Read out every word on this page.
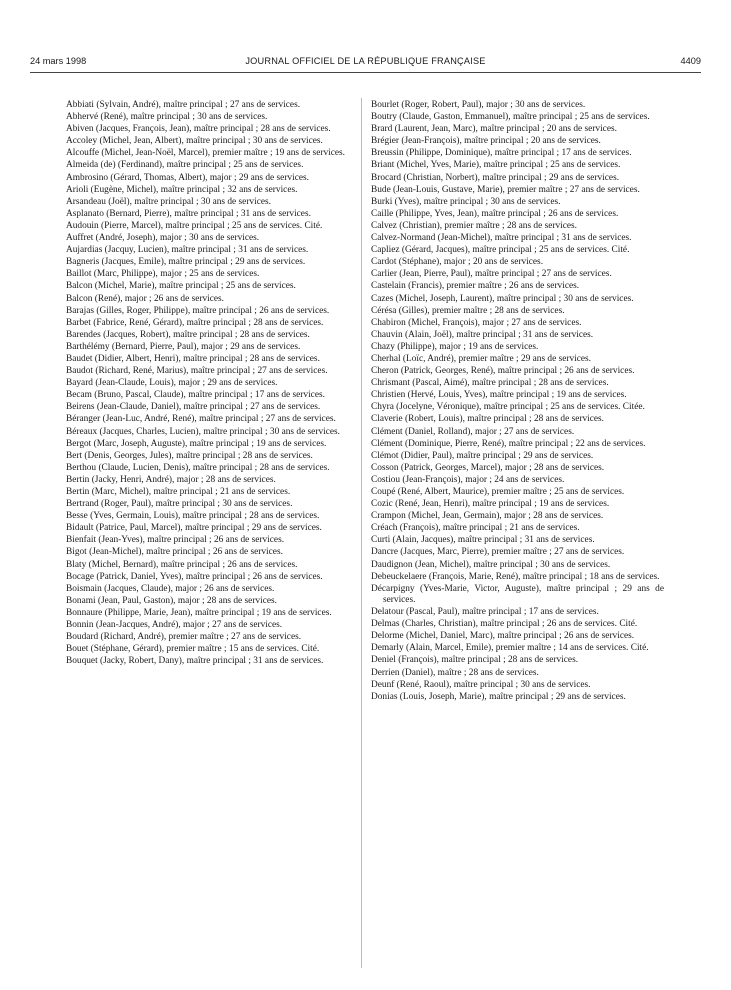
24 mars 1998	JOURNAL OFFICIEL DE LA RÉPUBLIQUE FRANÇAISE	4409

Abbiati (Sylvain, André), maître principal ; 27 ans de services.

Abhervé (René), maître principal ; 30 ans de services.

Abiven (Jacques, François, Jean), maître principal ; 28 ans de services.

Accoley (Michel, Jean, Albert), maître principal ; 30 ans de services.

Alcouffe (Michel, Jean-Noël, Marcel), premier maître ; 19 ans de services.

Almeida (de) (Ferdinand), maître principal ; 25 ans de services.

Ambrosino (Gérard, Thomas, Albert), major ; 29 ans de services.

Arioli (Eugène, Michel), maître principal ; 32 ans de services.

Arsandeau (Joël), maître principal ; 30 ans de services.

Asplanato (Bernard, Pierre), maître principal ; 31 ans de services.

Audouin (Pierre, Marcel), maître principal ; 25 ans de services. Cité.

Auffret (André, Joseph), major ; 30 ans de services.

Aujardias (Jacquy, Lucien), maître principal ; 31 ans de services.

Bagneris (Jacques, Emile), maître principal ; 29 ans de services.

Baillot (Marc, Philippe), major ; 25 ans de services.

Balcon (Michel, Marie), maître principal ; 25 ans de services.

Balcon (René), major ; 26 ans de services.

Barajas (Gilles, Roger, Philippe), maître principal ; 26 ans de services.

Barbet (Fabrice, René, Gérard), maître principal ; 28 ans de services.

Barendes (Jacques, Robert), maître principal ; 28 ans de services.

Barthélémy (Bernard, Pierre, Paul), major ; 29 ans de services.

Baudet (Didier, Albert, Henri), maître principal ; 28 ans de services.

Baudot (Richard, René, Marius), maître principal ; 27 ans de services.

Bayard (Jean-Claude, Louis), major ; 29 ans de services.

Becam (Bruno, Pascal, Claude), maître principal ; 17 ans de services.

Beirens (Jean-Claude, Daniel), maître principal ; 27 ans de services.

Béranger (Jean-Luc, André, René), maître principal ; 27 ans de services.

Béreaux (Jacques, Charles, Lucien), maître principal ; 30 ans de services.

Bergot (Marc, Joseph, Auguste), maître principal ; 19 ans de services.

Bert (Denis, Georges, Jules), maître principal ; 28 ans de services.

Berthou (Claude, Lucien, Denis), maître principal ; 28 ans de services.

Bertin (Jacky, Henri, André), major ; 28 ans de services.

Bertin (Marc, Michel), maître principal ; 21 ans de services.

Bertrand (Roger, Paul), maître principal ; 30 ans de services.

Besse (Yves, Germain, Louis), maître principal ; 28 ans de services.

Bidault (Patrice, Paul, Marcel), maître principal ; 29 ans de services.

Bienfait (Jean-Yves), maître principal ; 26 ans de services.

Bigot (Jean-Michel), maître principal ; 26 ans de services.

Blaty (Michel, Bernard), maître principal ; 26 ans de services.

Bocage (Patrick, Daniel, Yves), maître principal ; 26 ans de services.

Boismain (Jacques, Claude), major ; 26 ans de services.

Bonami (Jean, Paul, Gaston), major ; 28 ans de services.

Bonnaure (Philippe, Marie, Jean), maître principal ; 19 ans de services.

Bonnin (Jean-Jacques, André), major ; 27 ans de services.

Boudard (Richard, André), premier maître ; 27 ans de services.

Bouet (Stéphane, Gérard), premier maître ; 15 ans de services. Cité.

Bouquet (Jacky, Robert, Dany), maître principal ; 31 ans de services.

Bourlet (Roger, Robert, Paul), major ; 30 ans de services.

Boutry (Claude, Gaston, Emmanuel), maître principal ; 25 ans de services.

Brard (Laurent, Jean, Marc), maître principal ; 20 ans de services.

Brégier (Jean-François), maître principal ; 20 ans de services.

Breussin (Philippe, Dominique), maître principal ; 17 ans de services.

Briant (Michel, Yves, Marie), maître principal ; 25 ans de services.

Brocard (Christian, Norbert), maître principal ; 29 ans de services.

Bude (Jean-Louis, Gustave, Marie), premier maître ; 27 ans de services.

Burki (Yves), maître principal ; 30 ans de services.

Caille (Philippe, Yves, Jean), maître principal ; 26 ans de services.

Calvez (Christian), premier maître ; 28 ans de services.

Calvez-Normand (Jean-Michel), maître principal ; 31 ans de services.

Capliez (Gérard, Jacques), maître principal ; 25 ans de services. Cité.

Cardot (Stéphane), major ; 20 ans de services.

Carlier (Jean, Pierre, Paul), maître principal ; 27 ans de services.

Castelain (Francis), premier maître ; 26 ans de services.

Cazes (Michel, Joseph, Laurent), maître principal ; 30 ans de services.

Cérésa (Gilles), premier maître ; 28 ans de services.

Chabiron (Michel, François), major ; 27 ans de services.

Chauvin (Alain, Joël), maître principal ; 31 ans de services.

Chazy (Philippe), major ; 19 ans de services.

Cherhal (Loïc, André), premier maître ; 29 ans de services.

Cheron (Patrick, Georges, René), maître principal ; 26 ans de services.

Chrismant (Pascal, Aimé), maître principal ; 28 ans de services.

Christien (Hervé, Louis, Yves), maître principal ; 19 ans de services.

Chyra (Jocelyne, Véronique), maître principal ; 25 ans de services. Citée.

Claverie (Robert, Louis), maître principal ; 28 ans de services.

Clément (Daniel, Rolland), major ; 27 ans de services.

Clément (Dominique, Pierre, René), maître principal ; 22 ans de services.

Clémot (Didier, Paul), maître principal ; 29 ans de services.

Cosson (Patrick, Georges, Marcel), major ; 28 ans de services.

Costiou (Jean-François), major ; 24 ans de services.

Coupé (René, Albert, Maurice), premier maître ; 25 ans de services.

Cozic (René, Jean, Henri), maître principal ; 19 ans de services.

Crampon (Michel, Jean, Germain), major ; 28 ans de services.

Créach (François), maître principal ; 21 ans de services.

Curti (Alain, Jacques), maître principal ; 31 ans de services.

Dancre (Jacques, Marc, Pierre), premier maître ; 27 ans de services.

Daudignon (Jean, Michel), maître principal ; 30 ans de services.

Debeuckelaere (François, Marie, René), maître principal ; 18 ans de services.

Décarpigny (Yves-Marie, Victor, Auguste), maître principal ; 29 ans de services.

Delatour (Pascal, Paul), maître principal ; 17 ans de services.

Delmas (Charles, Christian), maître principal ; 26 ans de services. Cité.

Delorme (Michel, Daniel, Marc), maître principal ; 26 ans de services.

Demarly (Alain, Marcel, Emile), premier maître ; 14 ans de services. Cité.

Deniel (François), maître principal ; 28 ans de services.

Derrien (Daniel), maître ; 28 ans de services.

Deunf (René, Raoul), maître principal ; 30 ans de services.

Donias (Louis, Joseph, Marie), maître principal ; 29 ans de services.
